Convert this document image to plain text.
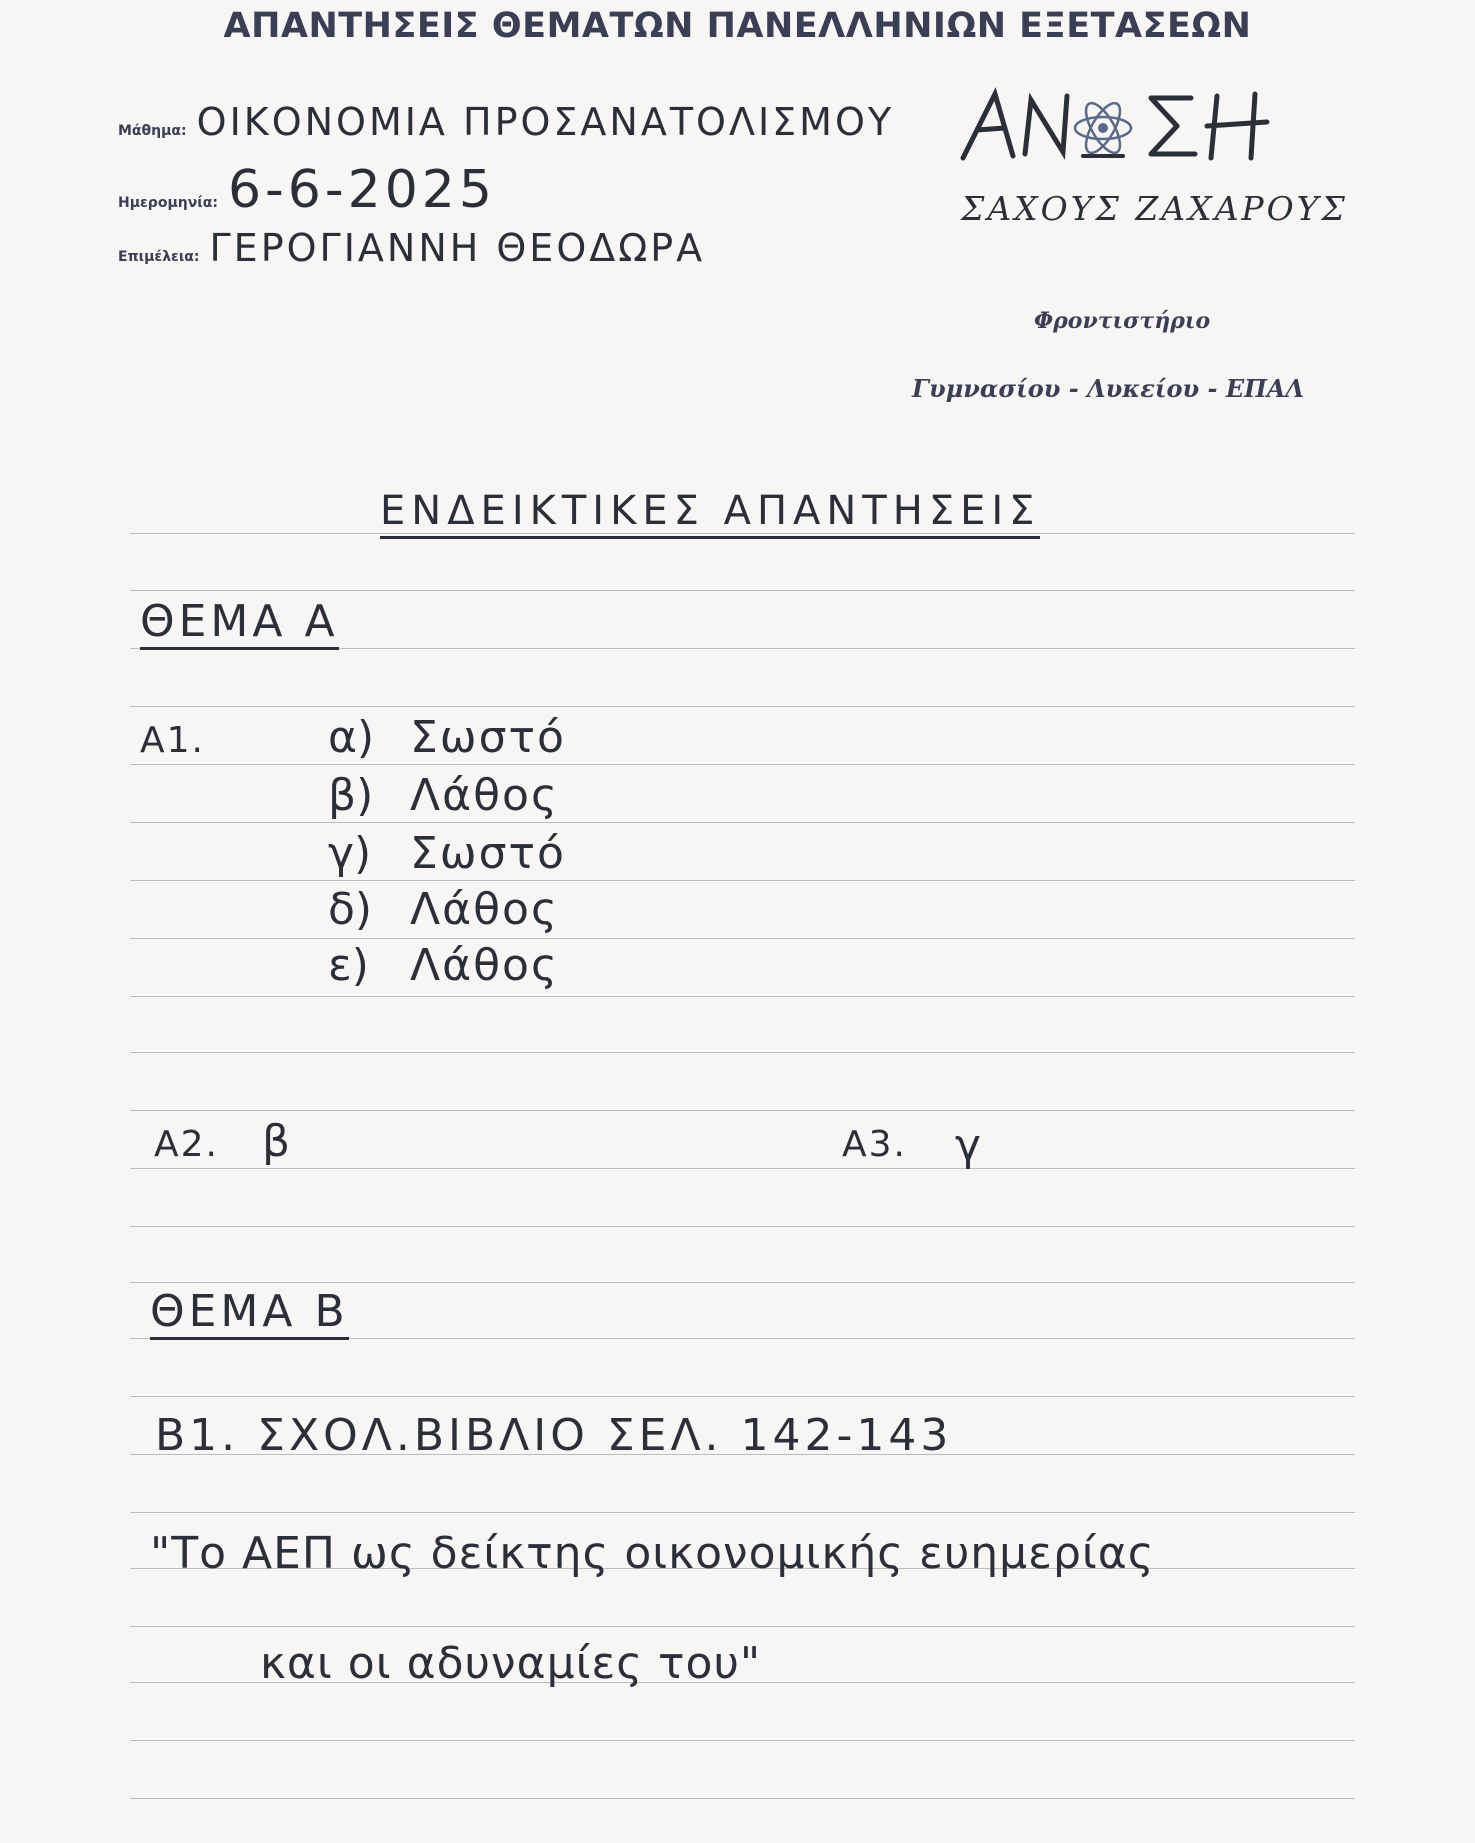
ΑΠΑΝΤΗΣΕΙΣ ΘΕΜΑΤΩΝ ΠΑΝΕΛΛΗΝΙΩΝ ΕΞΕΤΑΣΕΩΝ
Μάθημα: ΟΙΚΟΝΟΜΙΑ ΠΡΟΣΑΝΑΤΟΛΙΣΜΟΥ
Ημερομηνία: 6-6-2025
Επιμέλεια: ΓΕΡΟΓΙΑΝΝΗ ΘΕΟΔΩΡΑ
ΣΑΧΟΥΣ ΖΑΧΑΡΟΥΣ
Φροντιστήριο
Γυμνασίου - Λυκείου - ΕΠΑΛ
ΕΝΔΕΙΚΤΙΚΕΣ ΑΠΑΝΤΗΣΕΙΣ
ΘΕΜΑ Α
Α1.	α) Σωστό
β) Λάθος
γ) Σωστό
δ) Λάθος
ε) Λάθος
Α2. β	Α3. γ
ΘΕΜΑ Β
Β1. ΣΧΟΛ.ΒΙΒΛΙΟ ΣΕΛ. 142-143
"Το ΑΕΠ ως δείκτης οικονομικής ευημερίας
και οι αδυναμίες του"
